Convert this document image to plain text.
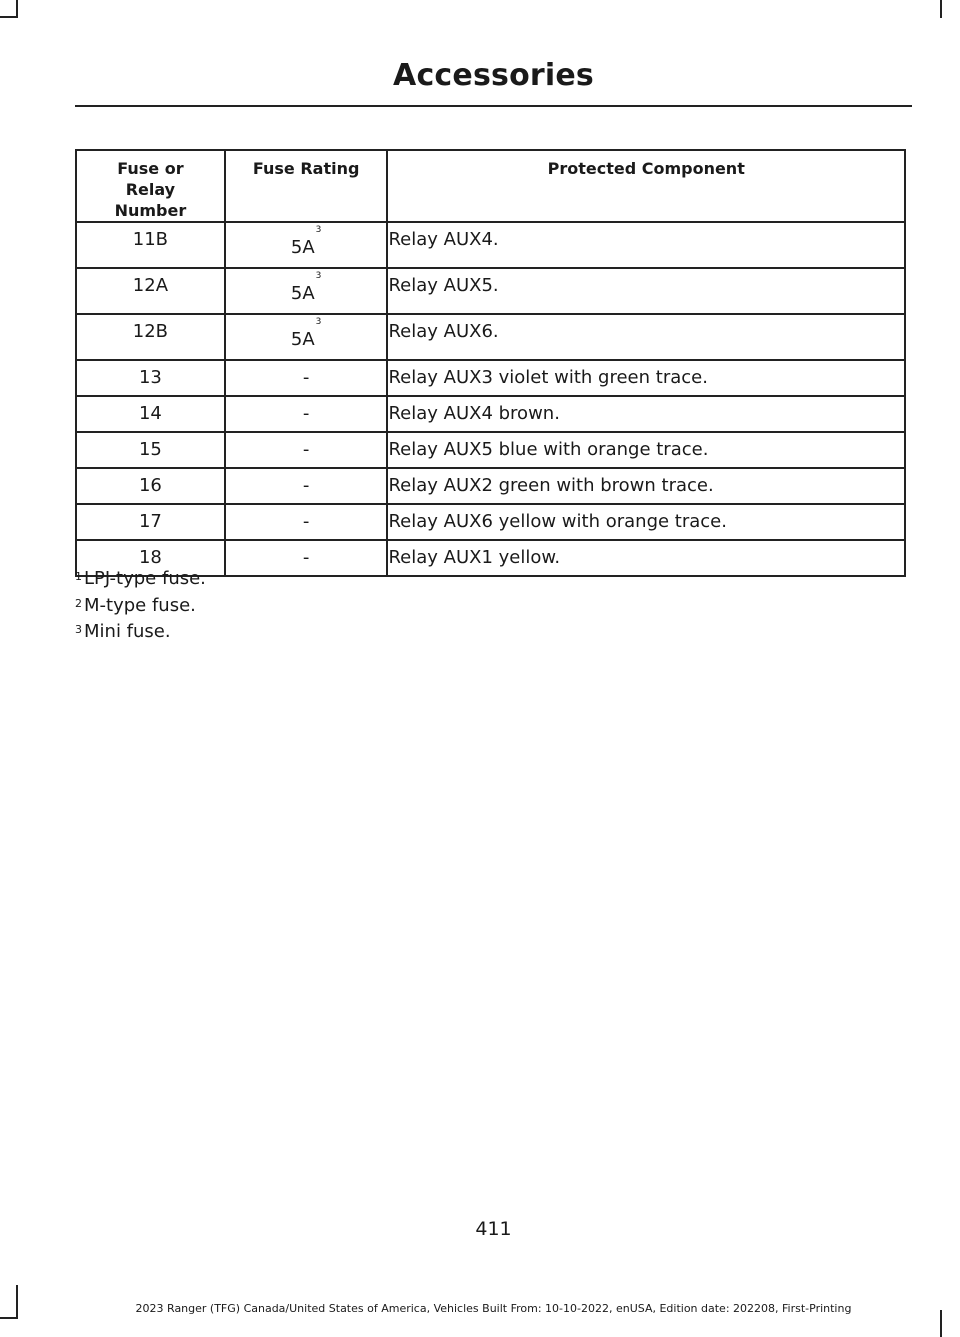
Accessories
Fuse or Relay Number	Fuse Rating	Protected Component
11B	5A$^3$	Relay AUX4.
12A	5A$^3$	Relay AUX5.
12B	5A$^3$	Relay AUX6.
13	-	Relay AUX3 violet with green trace.
14	-	Relay AUX4 brown.
15	-	Relay AUX5 blue with orange trace.
16	-	Relay AUX2 green with brown trace.
17	-	Relay AUX6 yellow with orange trace.
18	-	Relay AUX1 yellow.
$^1$ LPJ-type fuse.
$^2$ M-type fuse.
$^3$ Mini fuse.
411
2023 Ranger (TFG) Canada/United States of America, Vehicles Built From: 10-10-2022, enUSA, Edition date: 202208, First-Printing
